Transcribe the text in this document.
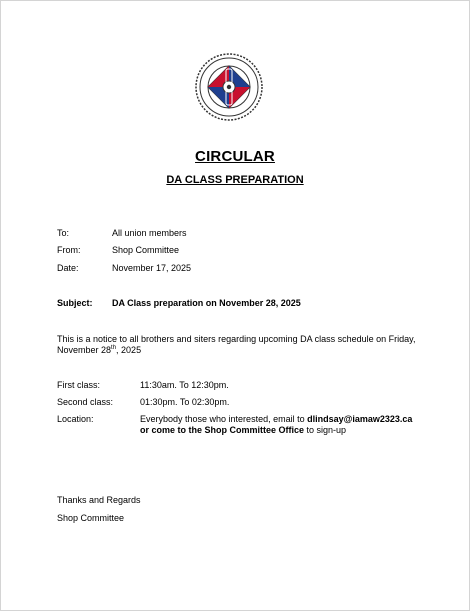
CIRCULAR
DA CLASS PREPARATION
To:	All union members
From:	Shop Committee
Date:	November 17, 2025
Subject: DA Class preparation on November 28, 2025
This is a notice to all brothers and siters regarding upcoming DA class schedule on Friday,
November 28th, 2025
First class:	11:30am. To 12:30pm.
Second class:	01:30pm. To 02:30pm.
Location:	Everybody those who interested, email to dlindsay@iamaw2323.ca
or come to the Shop Committee Office to sign-up
Thanks and Regards
Shop Committee
